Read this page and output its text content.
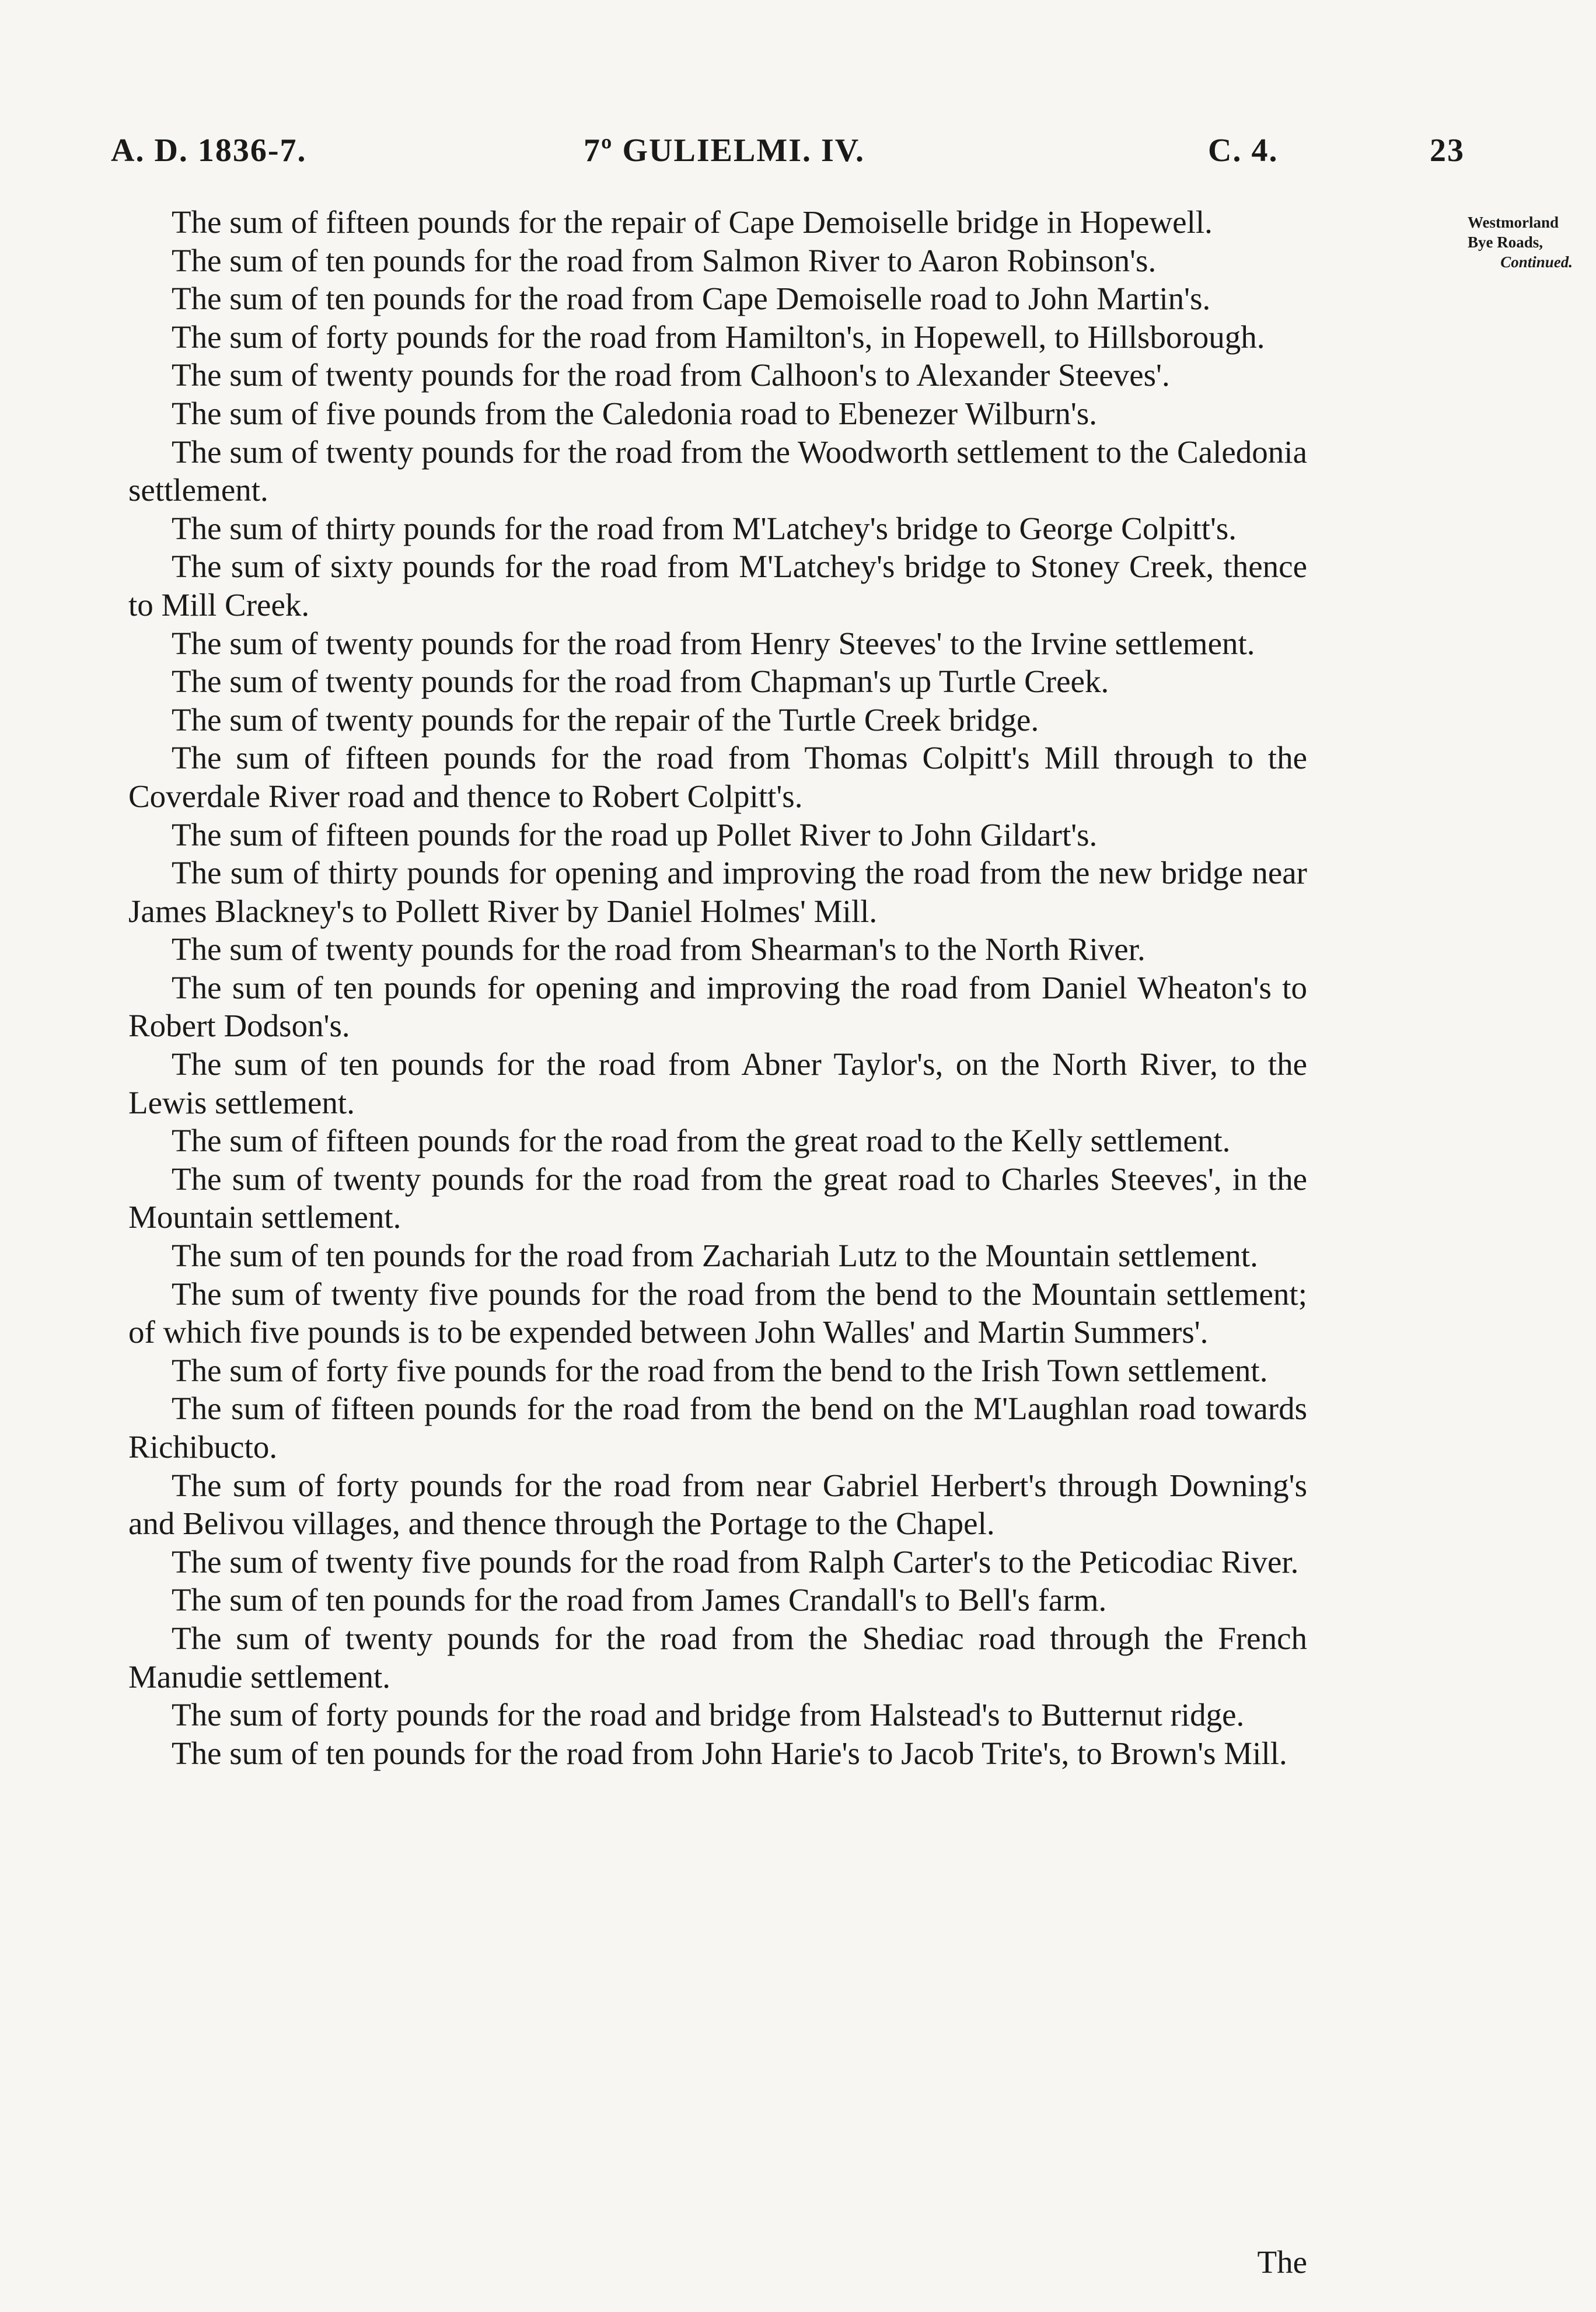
A. D. 1836-7.	7º GULIELMI. IV.	C. 4.	23
Westmorland
Bye Roads,
Continued.

The sum of fifteen pounds for the repair of Cape Demoiselle bridge in Hopewell.

The sum of ten pounds for the road from Salmon River to Aaron Robinson's.

The sum of ten pounds for the road from Cape Demoiselle road to John Martin's.

The sum of forty pounds for the road from Hamilton's, in Hopewell, to Hillsborough.

The sum of twenty pounds for the road from Calhoon's to Alexander Steeves'.

The sum of five pounds from the Caledonia road to Ebenezer Wilburn's.

The sum of twenty pounds for the road from the Woodworth settlement to the Caledonia settlement.

The sum of thirty pounds for the road from M'Latchey's bridge to George Colpitt's.

The sum of sixty pounds for the road from M'Latchey's bridge to Stoney Creek, thence to Mill Creek.

The sum of twenty pounds for the road from Henry Steeves' to the Irvine settlement.

The sum of twenty pounds for the road from Chapman's up Turtle Creek.

The sum of twenty pounds for the repair of the Turtle Creek bridge.

The sum of fifteen pounds for the road from Thomas Colpitt's Mill through to the Coverdale River road and thence to Robert Colpitt's.

The sum of fifteen pounds for the road up Pollet River to John Gildart's.

The sum of thirty pounds for opening and improving the road from the new bridge near James Blackney's to Pollett River by Daniel Holmes' Mill.

The sum of twenty pounds for the road from Shearman's to the North River.

The sum of ten pounds for opening and improving the road from Daniel Wheaton's to Robert Dodson's.

The sum of ten pounds for the road from Abner Taylor's, on the North River, to the Lewis settlement.

The sum of fifteen pounds for the road from the great road to the Kelly settlement.

The sum of twenty pounds for the road from the great road to Charles Steeves', in the Mountain settlement.

The sum of ten pounds for the road from Zachariah Lutz to the Mountain settlement.

The sum of twenty five pounds for the road from the bend to the Mountain settlement; of which five pounds is to be expended between John Walles' and Martin Summers'.

The sum of forty five pounds for the road from the bend to the Irish Town settlement.

The sum of fifteen pounds for the road from the bend on the M'Laughlan road towards Richibucto.

The sum of forty pounds for the road from near Gabriel Herbert's through Downing's and Belivou villages, and thence through the Portage to the Chapel.

The sum of twenty five pounds for the road from Ralph Carter's to the Peticodiac River.

The sum of ten pounds for the road from James Crandall's to Bell's farm.

The sum of twenty pounds for the road from the Shediac road through the French Manudie settlement.

The sum of forty pounds for the road and bridge from Halstead's to Butternut ridge.

The sum of ten pounds for the road from John Harie's to Jacob Trite's, to Brown's Mill.

The
